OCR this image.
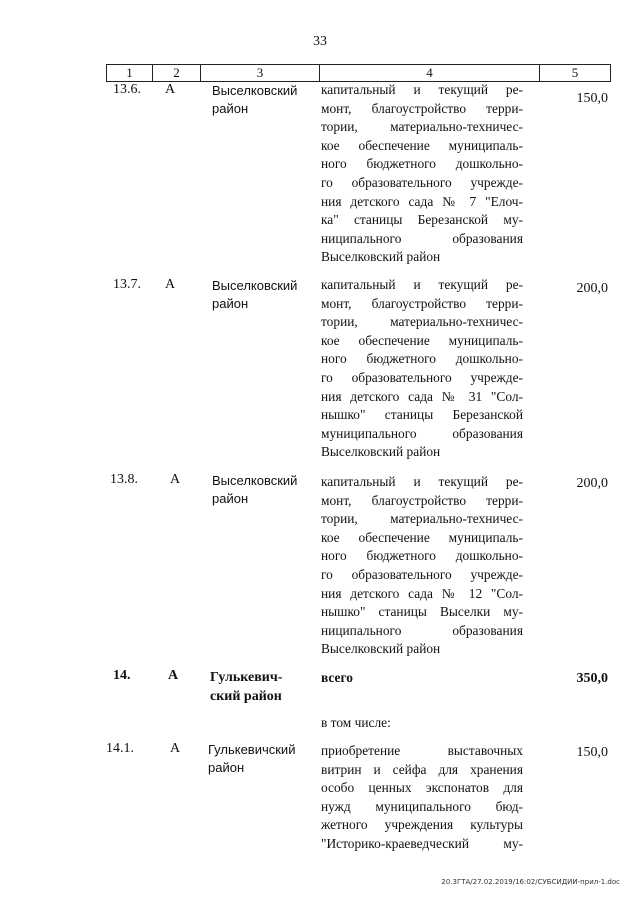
33
1	2	3	4	5
13.6.	А	Выселковский
район
капитальный и текущий ре-
монт, благоустройство терри-
тории, материально-техничес-
кое обеспечение муниципаль-
ного бюджетного дошкольно-
го образовательного учрежде-
ния детского сада № 7 "Елоч-
ка" станицы Березанской му-
ниципального образования
Выселковский район
150,0
13.7.	А	Выселковский
район
капитальный и текущий ре-
монт, благоустройство терри-
тории, материально-техничес-
кое обеспечение муниципаль-
ного бюджетного дошкольно-
го образовательного учрежде-
ния детского сада № 31 "Сол-
нышко" станицы Березанской
муниципального образования
Выселковский район
200,0
13.8.	А	Выселковский
район
капитальный и текущий ре-
монт, благоустройство терри-
тории, материально-техничес-
кое обеспечение муниципаль-
ного бюджетного дошкольно-
го образовательного учрежде-
ния детского сада № 12 "Сол-
нышко" станицы Выселки му-
ниципального образования
Выселковский район
200,0
14.	А	Гулькевич-
ский район
всего	350,0
в том числе:
14.1.	А	Гулькевичский
район
приобретение выставочных
витрин и сейфа для хранения
особо ценных экспонатов для
нужд муниципального бюд-
жетного учреждения культуры
"Историко-краеведческий му-
150,0
20.3ГТА/27.02.2019/16:02/СУБСИДИИ-прил-1.doc
